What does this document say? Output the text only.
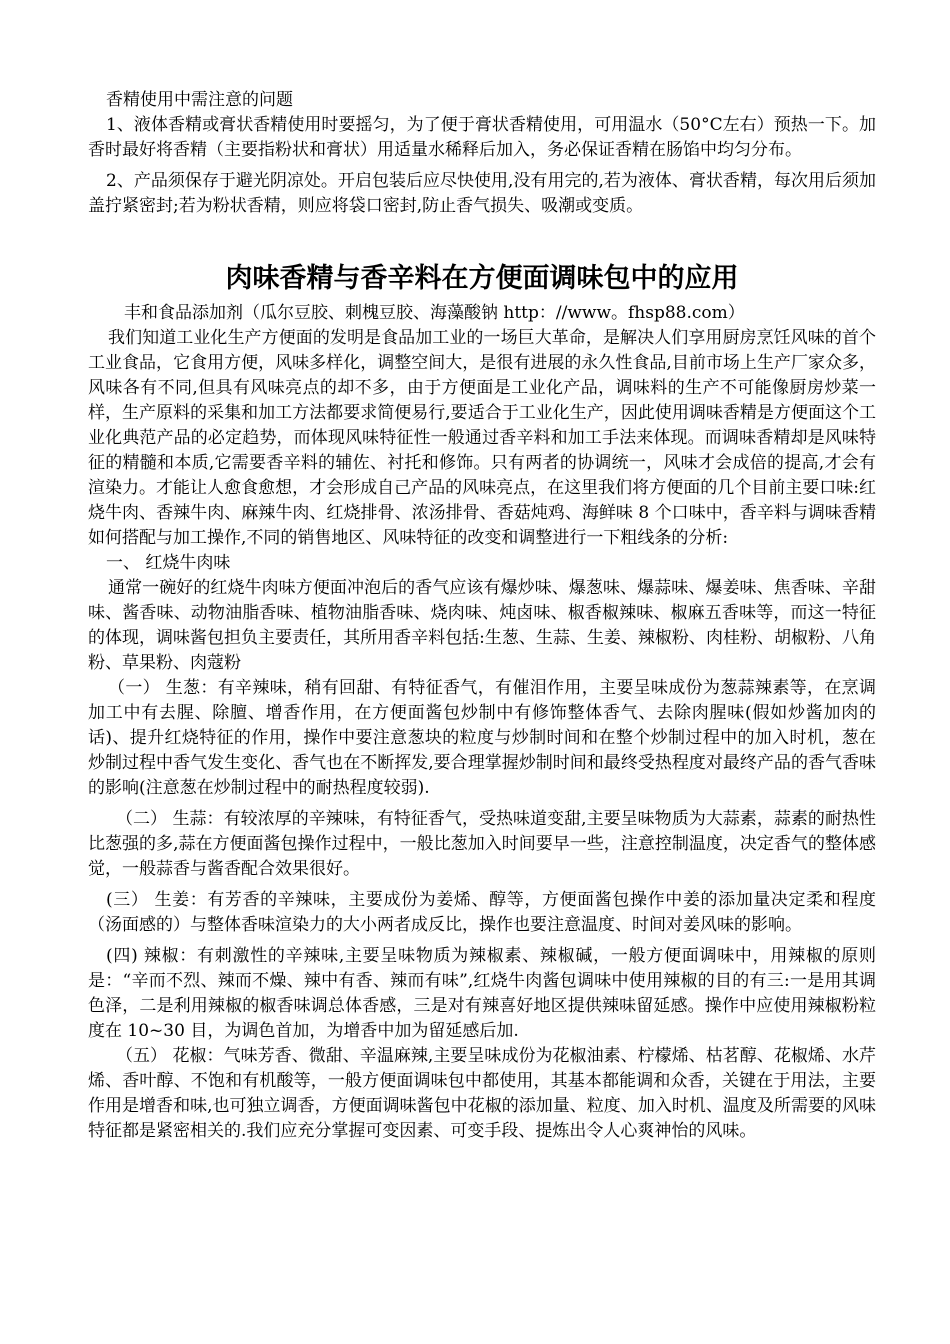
香精使用中需注意的问题

1、液体香精或膏状香精使用时要摇匀，为了便于膏状香精使用，可用温水（50°C左右）预热一下。加香时最好将香精（主要指粉状和膏状）用适量水稀释后加入，务必保证香精在肠馅中均匀分布。

2、产品须保存于避光阴凉处。开启包装后应尽快使用,没有用完的,若为液体、膏状香精，每次用后须加盖拧紧密封;若为粉状香精，则应将袋口密封,防止香气损失、吸潮或变质。

肉味香精与香辛料在方便面调味包中的应用

丰和食品添加剂（瓜尔豆胶、刺槐豆胶、海藻酸钠 http：//www。fhsp88.com）

我们知道工业化生产方便面的发明是食品加工业的一场巨大革命，是解决人们享用厨房烹饪风味的首个工业食品，它食用方便，风味多样化，调整空间大，是很有进展的永久性食品,目前市场上生产厂家众多，风味各有不同,但具有风味亮点的却不多，由于方便面是工业化产品，调味料的生产不可能像厨房炒菜一样，生产原料的采集和加工方法都要求简便易行,要适合于工业化生产，因此使用调味香精是方便面这个工业化典范产品的必定趋势，而体现风味特征性一般通过香辛料和加工手法来体现。而调味香精却是风味特征的精髓和本质,它需要香辛料的辅佐、衬托和修饰。只有两者的协调统一，风味才会成倍的提高,才会有渲染力。才能让人愈食愈想，才会形成自己产品的风味亮点，在这里我们将方便面的几个目前主要口味:红烧牛肉、香辣牛肉、麻辣牛肉、红烧排骨、浓汤排骨、香菇炖鸡、海鲜味 8 个口味中，香辛料与调味香精如何搭配与加工操作,不同的销售地区、风味特征的改变和调整进行一下粗线条的分析:

一、 红烧牛肉味

通常一碗好的红烧牛肉味方便面冲泡后的香气应该有爆炒味、爆葱味、爆蒜味、爆姜味、焦香味、辛甜味、酱香味、动物油脂香味、植物油脂香味、烧肉味、炖卤味、椒香椒辣味、椒麻五香味等，而这一特征的体现，调味酱包担负主要责任，其所用香辛料包括:生葱、生蒜、生姜、辣椒粉、肉桂粉、胡椒粉、八角粉、草果粉、肉蔻粉

（一） 生葱：有辛辣味，稍有回甜、有特征香气，有催泪作用，主要呈味成份为葱蒜辣素等，在烹调加工中有去腥、除膻、增香作用，在方便面酱包炒制中有修饰整体香气、去除肉腥味(假如炒酱加肉的话)、提升红烧特征的作用，操作中要注意葱块的粒度与炒制时间和在整个炒制过程中的加入时机，葱在炒制过程中香气发生变化、香气也在不断挥发,要合理掌握炒制时间和最终受热程度对最终产品的香气香味的影响(注意葱在炒制过程中的耐热程度较弱).

（二） 生蒜：有较浓厚的辛辣味，有特征香气，受热味道变甜,主要呈味物质为大蒜素，蒜素的耐热性比葱强的多,蒜在方便面酱包操作过程中，一般比葱加入时间要早一些，注意控制温度，决定香气的整体感觉，一般蒜香与酱香配合效果很好。

(三） 生姜：有芳香的辛辣味，主要成份为姜烯、醇等，方便面酱包操作中姜的添加量决定柔和程度（汤面感的）与整体香味渲染力的大小两者成反比，操作也要注意温度、时间对姜风味的影响。

(四) 辣椒：有刺激性的辛辣味,主要呈味物质为辣椒素、辣椒碱，一般方便面调味中，用辣椒的原则是：“辛而不烈、辣而不燥、辣中有香、辣而有味”,红烧牛肉酱包调味中使用辣椒的目的有三:一是用其调色泽，二是利用辣椒的椒香味调总体香感，三是对有辣喜好地区提供辣味留延感。操作中应使用辣椒粉粒度在 10~30 目，为调色首加，为增香中加为留延感后加.

（五） 花椒：气味芳香、微甜、辛温麻辣,主要呈味成份为花椒油素、柠檬烯、枯茗醇、花椒烯、水芹烯、香叶醇、不饱和有机酸等，一般方便面调味包中都使用，其基本都能调和众香，关键在于用法，主要作用是增香和味,也可独立调香，方便面调味酱包中花椒的添加量、粒度、加入时机、温度及所需要的风味特征都是紧密相关的.我们应充分掌握可变因素、可变手段、提炼出令人心爽神怡的风味。
